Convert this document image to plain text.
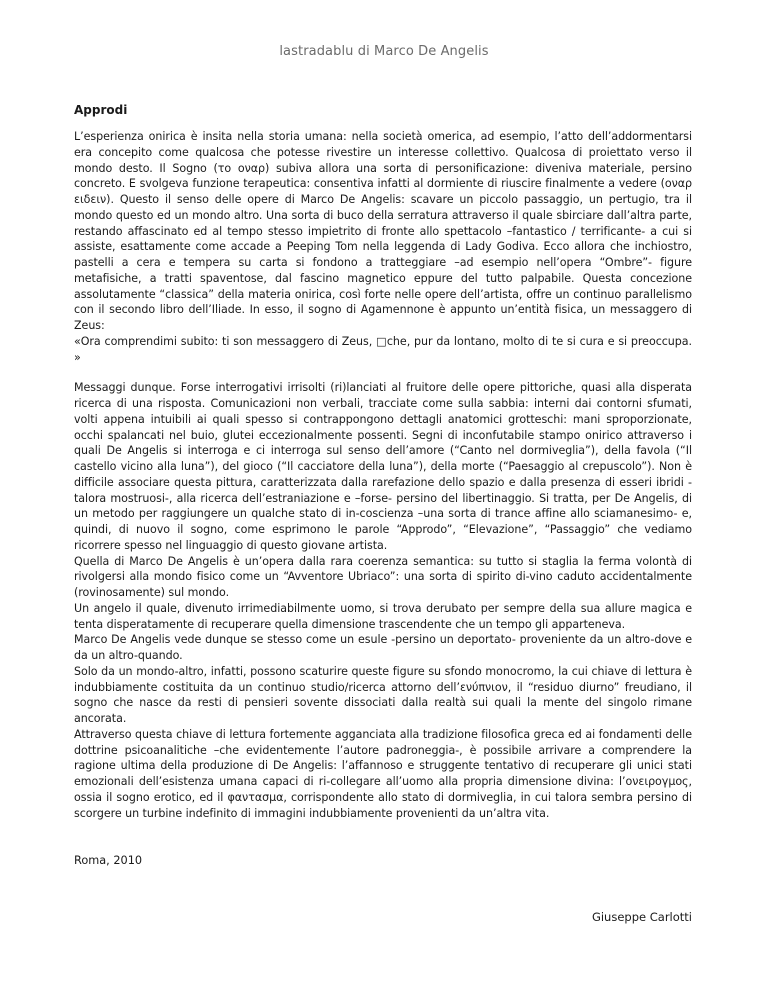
lastradablu di Marco De Angelis
Approdi

L’esperienza onirica è insita nella storia umana: nella società omerica, ad esempio, l’atto dell’addormentarsi era concepito come qualcosa che potesse rivestire un interesse collettivo. Qualcosa di proiettato verso il mondo desto. Il Sogno (το οναρ) subiva allora una sorta di personificazione: diveniva materiale, persino concreto. E svolgeva funzione terapeutica: consentiva infatti al dormiente di riuscire finalmente a vedere (οναρ ειδειν). Questo il senso delle opere di Marco De Angelis: scavare un piccolo passaggio, un pertugio, tra il mondo questo ed un mondo altro. Una sorta di buco della serratura attraverso il quale sbirciare dall’altra parte, restando affascinato ed al tempo stesso impietrito di fronte allo spettacolo –fantastico / terrificante- a cui si assiste, esattamente come accade a Peeping Tom nella leggenda di Lady Godiva. Ecco allora che inchiostro, pastelli a cera e tempera su carta si fondono a tratteggiare –ad esempio nell’opera “Ombre”- figure metafisiche, a tratti spaventose, dal fascino magnetico eppure del tutto palpabile. Questa concezione assolutamente “classica” della materia onirica, così forte nelle opere dell’artista, offre un continuo parallelismo con il secondo libro dell’Iliade. In esso, il sogno di Agamennone è appunto un’entità fisica, un messaggero di Zeus:

«Ora comprendimi subito: ti son messaggero di Zeus, □che, pur da lontano, molto di te si cura e si preoccupa. »

Messaggi dunque. Forse interrogativi irrisolti (ri)lanciati al fruitore delle opere pittoriche, quasi alla disperata ricerca di una risposta. Comunicazioni non verbali, tracciate come sulla sabbia: interni dai contorni sfumati, volti appena intuibili ai quali spesso si contrappongono dettagli anatomici grotteschi: mani sproporzionate, occhi spalancati nel buio, glutei eccezionalmente possenti. Segni di inconfutabile stampo onirico attraverso i quali De Angelis si interroga e ci interroga sul senso dell’amore (“Canto nel dormiveglia”), della favola (“Il castello vicino alla luna”), del gioco (“Il cacciatore della luna”), della morte (“Paesaggio al crepuscolo”). Non è difficile associare questa pittura, caratterizzata dalla rarefazione dello spazio e dalla presenza di esseri ibridi -talora mostruosi-, alla ricerca dell’estraniazione e –forse- persino del libertinaggio. Si tratta, per De Angelis, di un metodo per raggiungere un qualche stato di in-coscienza –una sorta di trance affine allo sciamanesimo- e, quindi, di nuovo il sogno, come esprimono le parole “Approdo”, “Elevazione”, “Passaggio” che vediamo ricorrere spesso nel linguaggio di questo giovane artista.

Quella di Marco De Angelis è un’opera dalla rara coerenza semantica: su tutto si staglia la ferma volontà di rivolgersi alla mondo fisico come un “Avventore Ubriaco”: una sorta di spirito di-vino caduto accidentalmente (rovinosamente) sul mondo.

Un angelo il quale, divenuto irrimediabilmente uomo, si trova derubato per sempre della sua allure magica e tenta disperatamente di recuperare quella dimensione trascendente che un tempo gli apparteneva.

Marco De Angelis vede dunque se stesso come un esule -persino un deportato- proveniente da un altro-dove e da un altro-quando.

Solo da un mondo-altro, infatti, possono scaturire queste figure su sfondo monocromo, la cui chiave di lettura è indubbiamente costituita da un continuo studio/ricerca attorno dell’ενύπνιον, il “residuo diurno” freudiano, il sogno che nasce da resti di pensieri sovente dissociati dalla realtà sui quali la mente del singolo rimane ancorata.

Attraverso questa chiave di lettura fortemente agganciata alla tradizione filosofica greca ed ai fondamenti delle dottrine psicoanalitiche –che evidentemente l’autore padroneggia-, è possibile arrivare a comprendere la ragione ultima della produzione di De Angelis: l’affannoso e struggente tentativo di recuperare gli unici stati emozionali dell’esistenza umana capaci di ri-collegare all’uomo alla propria dimensione divina: l’ονειρογμος, ossia il sogno erotico, ed il φαντασμα, corrispondente allo stato di dormiveglia, in cui talora sembra persino di scorgere un turbine indefinito di immagini indubbiamente provenienti da un’altra vita.

Roma, 2010
Giuseppe Carlotti
